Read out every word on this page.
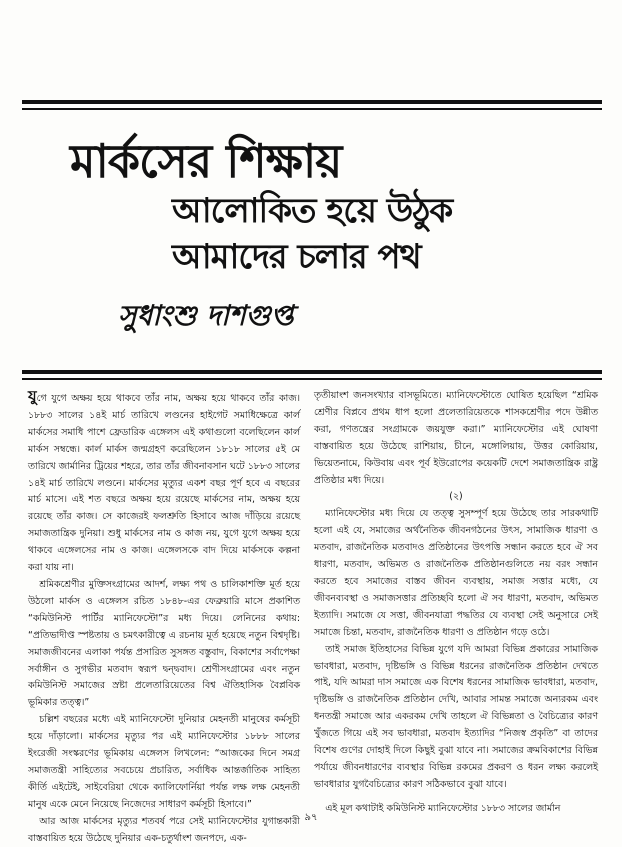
মার্কসের শিক্ষায়
আলোকিত হয়ে উঠুক
আমাদের চলার পথ
সুধাংশু দাশগুপ্ত

যুগে যুগে অক্ষয় হয়ে থাকবে তাঁর নাম, অক্ষয় হয়ে থাকবে তাঁর কাজ। ১৮৮৩ সালের ১৪ই মার্চ তারিখে লণ্ডনের হাইগেট সমাধিক্ষেত্রে কার্ল মার্কসের সমাধি পাশে ফ্রেডারিক এঙ্গেলস এই কথাগুলো বলেছিলেন কার্ল মার্কস সম্বন্ধে। কার্ল মার্কস জন্মগ্রহণ করেছিলেন ১৮১৮ সালের ৫ই মে তারিখে জার্মানির ট্রিয়ের শহরে, তার তাঁর জীবনাবসান ঘটে ১৮৮৩ সালের ১৪ই মার্চ তারিখে লণ্ডনে। মার্কসের মৃত্যুর একশ বছর পূর্ণ হবে এ বছরের মার্চ মাসে। এই শত বছরে অক্ষয় হয়ে রয়েছে মার্কসের নাম, অক্ষয় হয়ে রয়েছে তাঁর কাজ। সে কাজেরই ফলশ্রুতি হিসাবে আজ দাঁড়িয়ে রয়েছে সমাজতান্ত্রিক দুনিয়া। শুধু মার্কসের নাম ও কাজ নয়, যুগে যুগে অক্ষয় হয়ে থাকবে এঙ্গেলসের নাম ও কাজ। এঙ্গেলসকে বাদ দিয়ে মার্কসকে কল্পনা করা যায় না।

শ্রমিকশ্রেণীর মুক্তিসংগ্রামের আদর্শ, লক্ষ্য পথ ও চালিকাশক্তি মূর্ত হয়ে উঠলো মার্কস ও এঙ্গেলস রচিত ১৮৪৮-এর ফেব্রুয়ারি মাসে প্রকাশিত “কমিউনিস্ট পার্টির ম্যানিফেস্টো”র মধ্য দিয়ে। লেনিনের কথায়: “প্রতিভাদীপ্ত স্পষ্টতায় ও চমৎকারীত্বে এ রচনায় মূর্ত হয়েছে নতুন বিশ্বদৃষ্টি। সমাজজীবনের এলাকা পর্যন্ত প্রসারিত সুসঙ্গত বস্তুবাদ, বিকাশের সর্বাপেক্ষা সর্বাঙ্গীন ও সুগভীর মতবাদ স্বরূপ দ্বন্দ্ববাদ। শ্রেণীসংগ্রামের এবং নতুন কমিউনিস্ট সমাজের স্রষ্টা প্রলেতারিয়েতের বিশ্ব ঐতিহাসিক বৈপ্লবিক ভূমিকার তত্ত্ব।”

চল্লিশ বছরের মধ্যে এই ম্যানিফেস্টো দুনিয়ার মেহনতী মানুষের কর্মসূচী হয়ে দাঁড়ালো। মার্কসের মৃত্যুর পর এই ম্যানিফেস্টোর ১৮৮৮ সালের ইংরেজী সংস্করণের ভূমিকায় এঙ্গেলস লিখলেন: “আজকের দিনে সমগ্র সমাজতন্ত্রী সাহিত্যের সবচেয়ে প্রচারিত, সর্বাধিক আন্তর্জাতিক সাহিত্য কীর্তি এইটেই, সাইবেরিয়া থেকে ক্যালিফোর্নিয়া পর্যন্ত লক্ষ লক্ষ মেহনতী মানুষ একে মেনে নিয়েছে নিজেদের সাধারণ কর্মসূচী হিসাবে।”

আর আজ মার্কসের মৃত্যুর শতবর্ষ পরে সেই ম্যানিফেস্টোর যুগান্তকারী বাস্তবায়িত হয়ে উঠেছে দুনিয়ার এক-চতুর্থাংশ জনপদে, এক-

তৃতীয়াংশ জনসংখ্যার বাসভূমিতে। ম্যানিফেস্টোতে ঘোষিত হয়েছিল “শ্রমিক শ্রেণীর বিপ্লবে প্রথম ধাপ হলো প্রলেতারিয়েতকে শাসকশ্রেণীর পদে উন্নীত করা, গণতন্ত্রের সংগ্রামকে জয়যুক্ত করা।” ম্যানিফেস্টোর এই ঘোষণা বাস্তবায়িত হয়ে উঠেছে রাশিয়ায়, চীনে, মঙ্গোলিয়ায়, উত্তর কোরিয়ায়, ভিয়েতনামে, কিউবায় এবং পূর্ব ইউরোপের কয়েকটি দেশে সমাজতান্ত্রিক রাষ্ট্র প্রতিষ্ঠার মধ্য দিয়ে।

(২)

ম্যানিফেস্টোর মধ্য দিয়ে যে তত্ত্ব সুসম্পূর্ণ হয়ে উঠেছে তার সারকথাটি হলো এই যে, সমাজের অর্থনৈতিক জীবনগঠনের উৎস, সামাজিক ধারণা ও মতবাদ, রাজনৈতিক মতবাদও প্রতিষ্ঠানের উৎপত্তি সন্ধান করতে হবে ঐ সব ধারণা, মতবাদ, অভিমত ও রাজনৈতিক প্রতিষ্ঠানগুলিতে নয় বরং সন্ধান করতে হবে সমাজের বাস্তব জীবন ব্যবস্থায়, সমাজ সত্তার মধ্যে, যে জীবনব্যবস্থা ও সমাজসত্তার প্রতিচ্ছবি হলো ঐ সব ধারণা, মতবাদ, অভিমত ইত্যাদি। সমাজে যে সত্তা, জীবনযাত্রা পদ্ধতির যে ব্যবস্থা সেই অনুসারে সেই সমাজে চিন্তা, মতবাদ, রাজনৈতিক ধারণা ও প্রতিষ্ঠান গড়ে ওঠে।

তাই সমাজ ইতিহাসের বিভিন্ন যুগে যদি আমরা বিভিন্ন প্রকারের সামাজিক ভাবধারা, মতবাদ, দৃষ্টিভঙ্গি ও বিভিন্ন ধরনের রাজনৈতিক প্রতিষ্ঠান দেখতে পাই, যদি আমরা দাস সমাজে এক বিশেষ ধরনের সামাজিক ভাবধারা, মতবাদ, দৃষ্টিভঙ্গি ও রাজনৈতিক প্রতিষ্ঠান দেখি, আবার সামন্ত সমাজে অন্যরকম এবং ধনতন্ত্রী সমাজে আর একরকম দেখি তাহলে ঐ বিভিন্নতা ও বৈচিত্র্যের কারণ খুঁজতে গিয়ে এই সব ভাবধারা, মতবাদ ইত্যাদির “নিজস্ব প্রকৃতি” বা তাদের বিশেষ গুণের দোহাই দিলে কিছুই বুঝা যাবে না। সমাজের ক্রমবিকাশের বিভিন্ন পর্যায়ে জীবনধারণের ব্যবস্থার বিভিন্ন রকমের প্রকরণ ও ধরন লক্ষ্য করলেই ভাবধারার যুগবৈচিত্র্যের কারণ সঠিকভাবে বুঝা যাবে।

এই মূল কথাটাই কমিউনিস্ট ম্যানিফেস্টোর ১৮৮৩ সালের জার্মান

৯৭
